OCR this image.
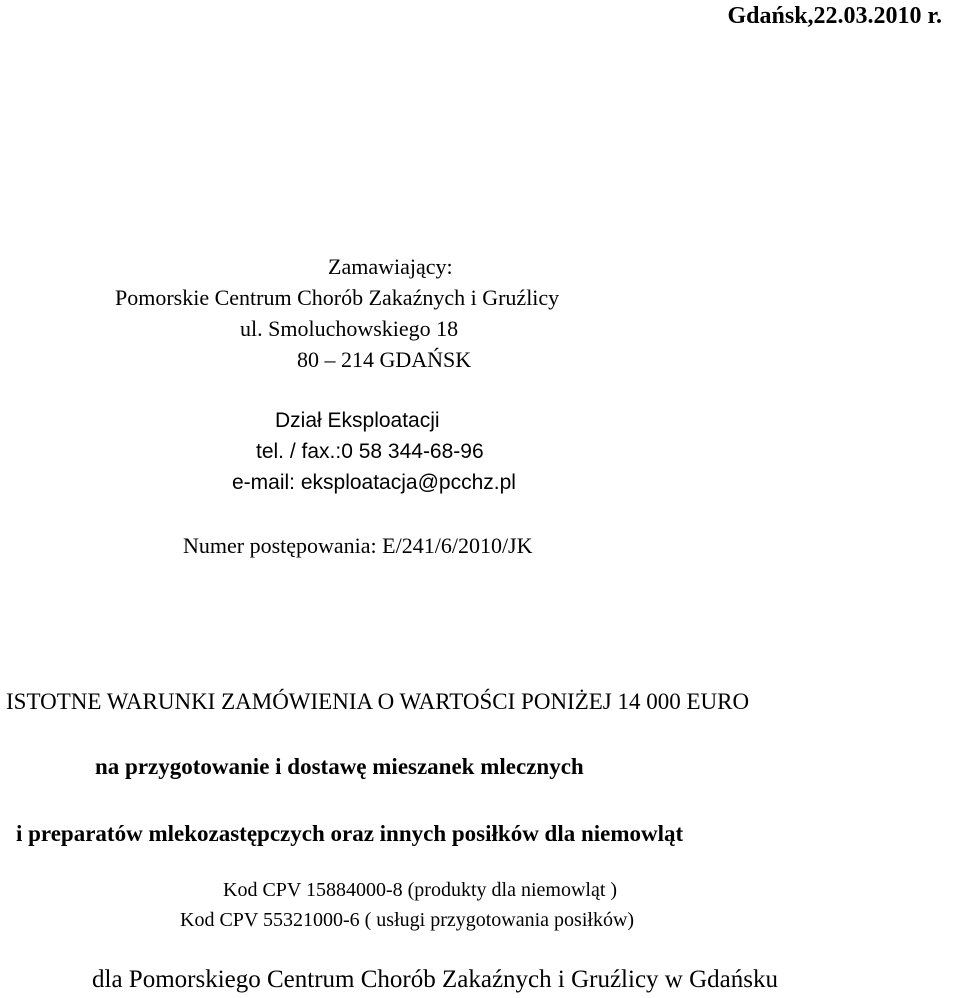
Gdańsk,22.03.2010 r.

Zamawiający:

Pomorskie Centrum Chorób Zakaźnych i Gruźlicy

ul. Smoluchowskiego 18

80 – 214 GDAŃSK

Dział Eksploatacji

tel. / fax.:0 58 344-68-96

e-mail: eksploatacja@pcchz.pl

Numer postępowania: E/241/6/2010/JK

ISTOTNE WARUNKI ZAMÓWIENIA O WARTOŚCI PONIŻEJ 14 000 EURO

na przygotowanie i dostawę mieszanek mlecznych

i preparatów mlekozastępczych oraz innych posiłków dla niemowląt

Kod CPV 15884000-8 (produkty dla niemowląt )

Kod CPV 55321000-6 ( usługi przygotowania posiłków)

dla Pomorskiego Centrum Chorób Zakaźnych i Gruźlicy w Gdańsku
